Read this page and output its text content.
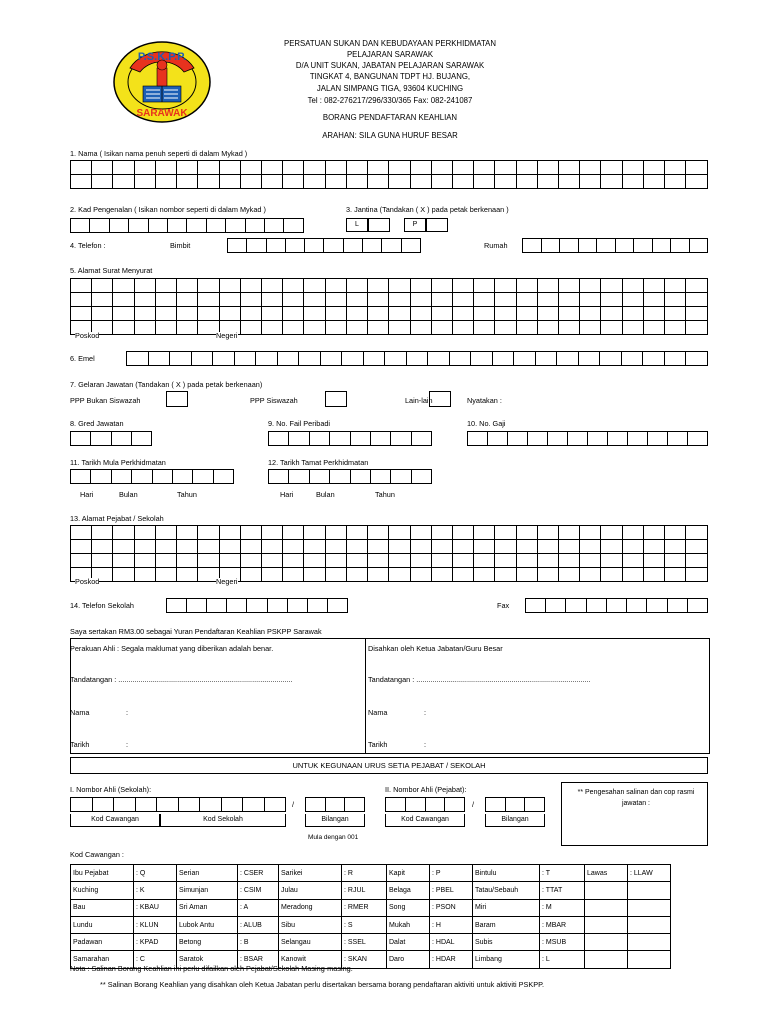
P.S.K.P.P.
SARAWAK
PERSATUAN SUKAN DAN KEBUDAYAAN PERKHIDMATAN
PELAJARAN SARAWAK
D/A UNIT SUKAN, JABATAN PELAJARAN SARAWAK
TINGKAT 4, BANGUNAN TDPT HJ. BUJANG,
JALAN SIMPANG TIGA, 93604 KUCHING
Tel : 082-276217/296/330/365 Fax: 082-241087
BORANG PENDAFTARAN KEAHLIAN
ARAHAN: SILA GUNA HURUF BESAR
1. Nama ( Isikan nama penuh seperti di dalam Mykad )

2. Kad Pengenalan ( Isikan nombor seperti di dalam Mykad )
												3. Jantina (Tandakan ( X ) pada petak berkenaan )
L	P
4. Telefon :	Bimbit
										Rumah

5. Alamat Surat Menyurat

Poskod	Negeri
6. Emel

7. Gelaran Jawatan (Tandakan ( X ) pada petak berkenaan)
PPP Bukan Siswazah	PPP Siswazah	Lain-lain	Nyatakan :
8. Gred Jawatan
				9. No. Fail Peribadi
								10. No. Gaji

11. Tarikh Mula Perkhidmatan

Hari	Bulan	Tahun
12. Tarikh Tamat Perkhidmatan

Hari	Bulan	Tahun
13. Alamat Pejabat / Sekolah

Poskod	Negeri
14. Telefon Sekolah
									Fax

Saya sertakan RM3.00 sebagai Yuran Pendaftaran Keahlian PSKPP Sarawak
Perakuan Ahli : Segala maklumat yang diberikan adalah benar.
Tandatangan : ......................................................................................
Nama	:
Tarikh	:
Disahkan oleh Ketua Jabatan/Guru Besar
Tandatangan : ......................................................................................
Nama	:
Tarikh	:
UNTUK KEGUNAAN URUS SETIA PEJABAT / SEKOLAH
I. Nombor Ahli (Sekolah):

Kod Cawangan	Kod Sekolah
/

Bilangan
Mula dengan 001
II. Nombor Ahli (Pejabat):

Kod Cawangan
/

Bilangan
** Pengesahan salinan dan cop rasmi jawatan :
Kod Cawangan :
Ibu Pejabat	: Q	Serian	: CSER	Sarikei	: R	Kapit	: P	Bintulu	: T	Lawas	: LLAW
Kuching	: K	Simunjan	: CSIM	Julau	: RJUL	Belaga	: PBEL	Tatau/Sebauh	: TTAT		
Bau	: KBAU	Sri Aman	: A	Meradong	: RMER	Song	: PSON	Miri	: M		
Lundu	: KLUN	Lubok Antu	: ALUB	Sibu	: S	Mukah	: H	Baram	: MBAR		
Padawan	: KPAD	Betong	: B	Selangau	: SSEL	Dalat	: HDAL	Subis	: MSUB		
Samarahan	: C	Saratok	: BSAR	Kanowit	: SKAN	Daro	: HDAR	Limbang	: L		
Nota : Salinan Borang Keahlian ini perlu difailkan oleh Pejabat/Sekolah Masing-masing.
** Salinan Borang Keahlian yang disahkan oleh Ketua Jabatan perlu disertakan bersama borang pendaftaran aktiviti untuk aktiviti PSKPP.
